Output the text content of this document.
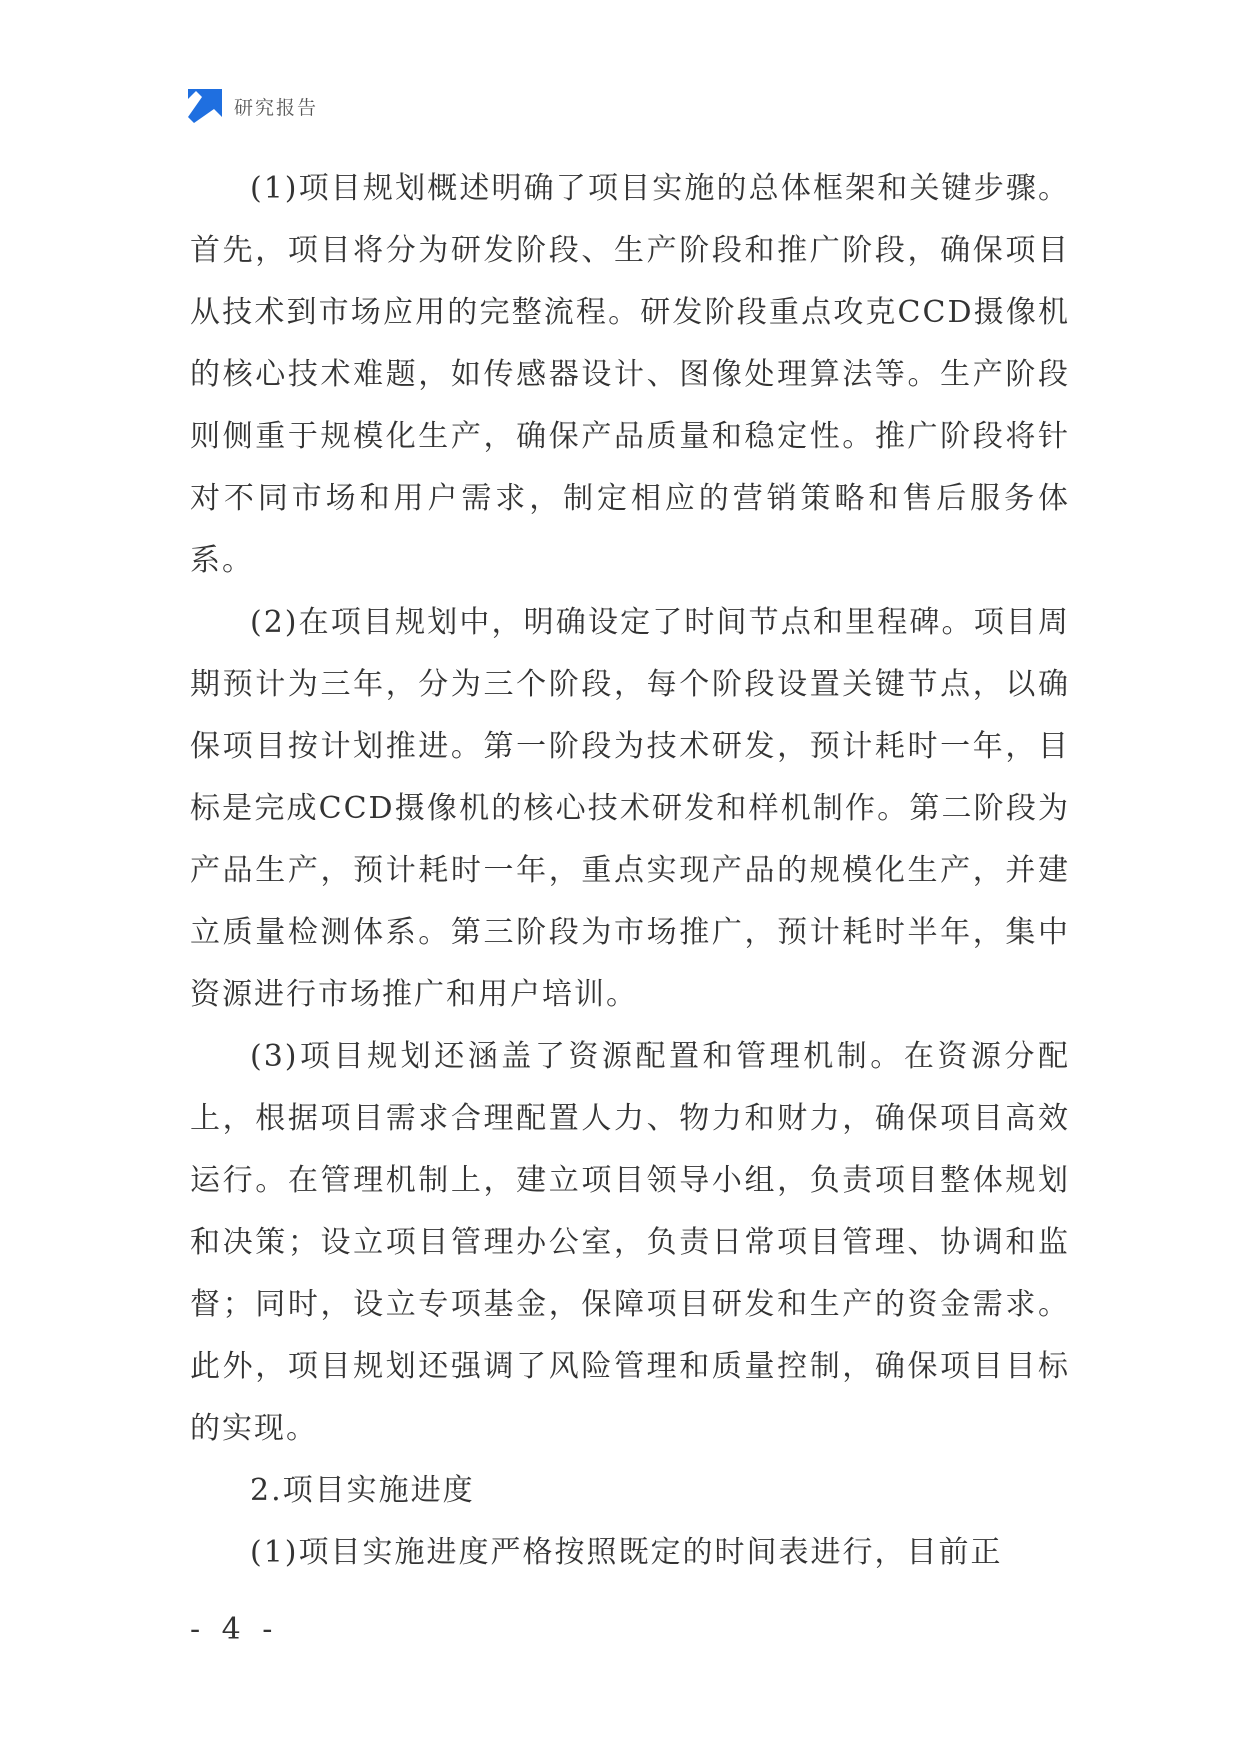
研究报告

(1)项目规划概述明确了项目实施的总体框架和关键步骤。首先，项目将分为研发阶段、生产阶段和推广阶段，确保项目从技术到市场应用的完整流程。研发阶段重点攻克CCD摄像机的核心技术难题，如传感器设计、图像处理算法等。生产阶段则侧重于规模化生产，确保产品质量和稳定性。推广阶段将针对不同市场和用户需求，制定相应的营销策略和售后服务体系。

(2)在项目规划中，明确设定了时间节点和里程碑。项目周期预计为三年，分为三个阶段，每个阶段设置关键节点，以确保项目按计划推进。第一阶段为技术研发，预计耗时一年，目标是完成CCD摄像机的核心技术研发和样机制作。第二阶段为产品生产，预计耗时一年，重点实现产品的规模化生产，并建立质量检测体系。第三阶段为市场推广，预计耗时半年，集中资源进行市场推广和用户培训。

(3)项目规划还涵盖了资源配置和管理机制。在资源分配上，根据项目需求合理配置人力、物力和财力，确保项目高效运行。在管理机制上，建立项目领导小组，负责项目整体规划和决策；设立项目管理办公室，负责日常项目管理、协调和监督；同时，设立专项基金，保障项目研发和生产的资金需求。此外，项目规划还强调了风险管理和质量控制，确保项目目标的实现。

2.项目实施进度

(1)项目实施进度严格按照既定的时间表进行，目前正

- 4 -
